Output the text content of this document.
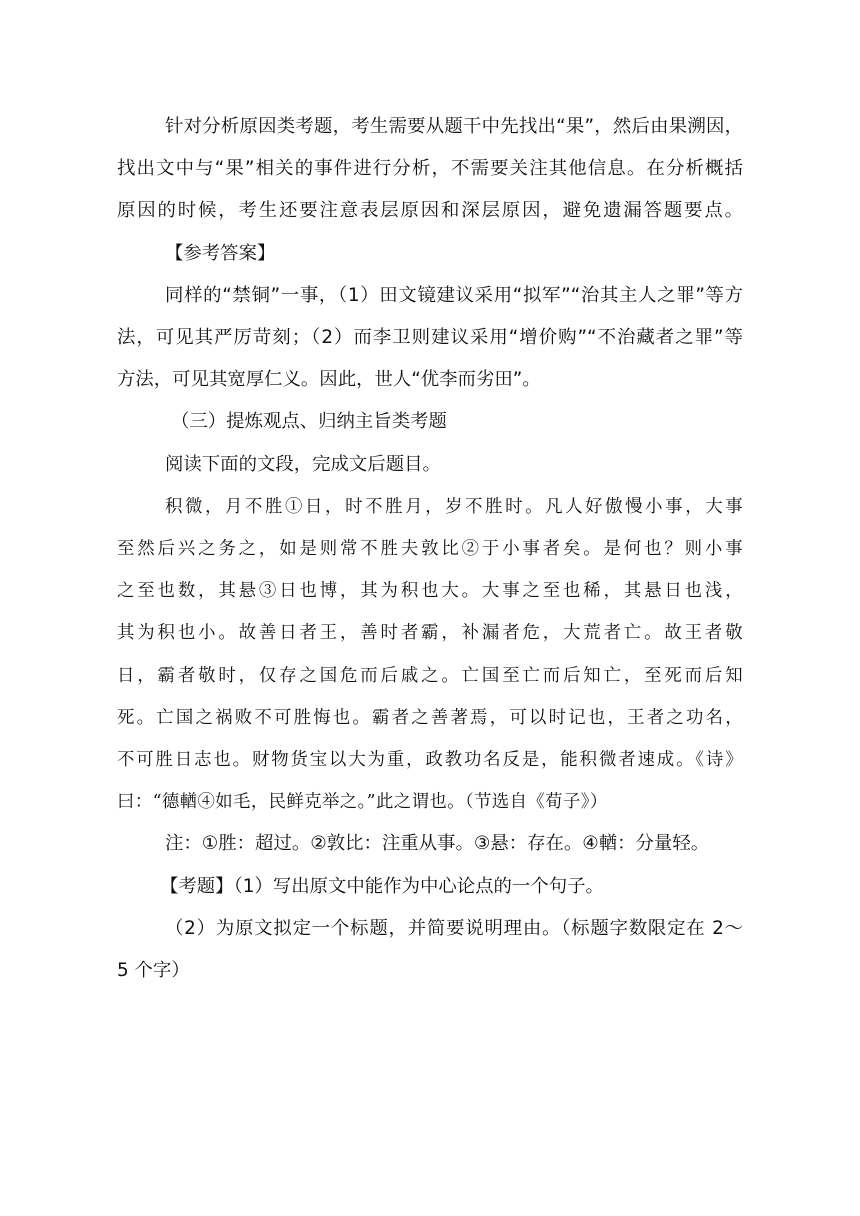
针对分析原因类考题，考生需要从题干中先找出“果”，然后由果溯因，
找出文中与“果”相关的事件进行分析，不需要关注其他信息。在分析概括
原因的时候，考生还要注意表层原因和深层原因，避免遗漏答题要点。
【参考答案】
同样的“禁铜”一事，（1）田文镜建议采用“拟军”“治其主人之罪”等方
法，可见其严厉苛刻；（2）而李卫则建议采用“增价购”“不治藏者之罪”等
方法，可见其宽厚仁义。因此，世人“优李而劣田”。
（三）提炼观点、归纳主旨类考题
阅读下面的文段，完成文后题目。
积微，月不胜①日，时不胜月，岁不胜时。凡人好傲慢小事，大事
至然后兴之务之，如是则常不胜夫敦比②于小事者矣。是何也？则小事
之至也数，其悬③日也博，其为积也大。大事之至也稀，其悬日也浅，
其为积也小。故善日者王，善时者霸，补漏者危，大荒者亡。故王者敬
日，霸者敬时，仅存之国危而后戚之。亡国至亡而后知亡，至死而后知
死。亡国之祸败不可胜悔也。霸者之善著焉，可以时记也，王者之功名，
不可胜日志也。财物货宝以大为重，政教功名反是，能积微者速成。《诗》
曰：“德輶④如毛，民鲜克举之。”此之谓也。（节选自《荀子》）
注：①胜：超过。②敦比：注重从事。③悬：存在。④輶：分量轻。
【考题】（1）写出原文中能作为中心论点的一个句子。
（2）为原文拟定一个标题，并简要说明理由。（标题字数限定在 2～
5 个字）
